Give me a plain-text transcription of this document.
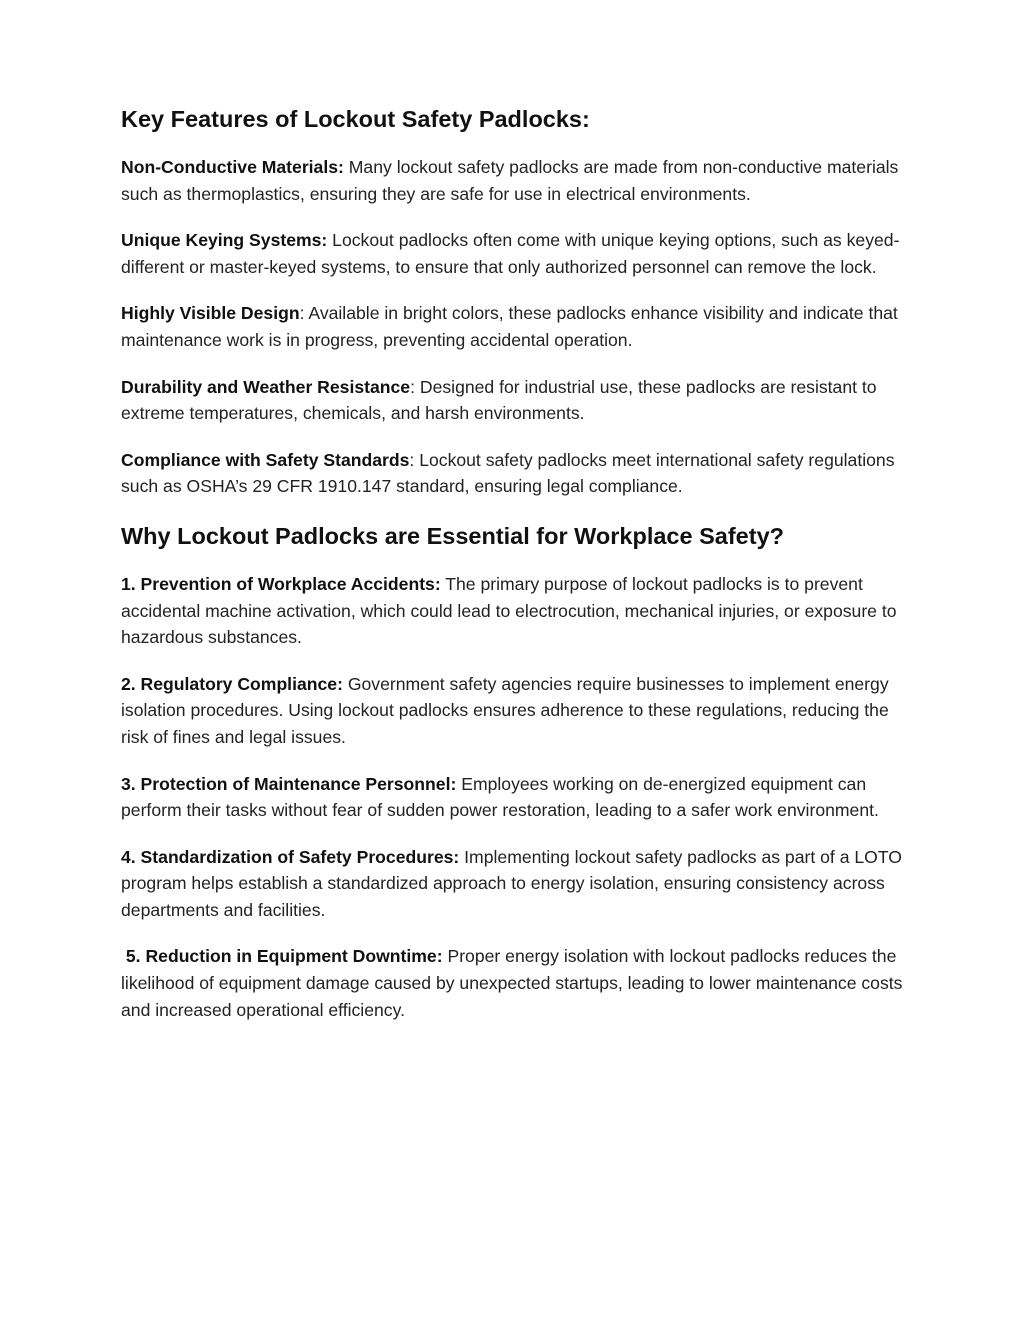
Key Features of Lockout Safety Padlocks:

Non-Conductive Materials: Many lockout safety padlocks are made from non-conductive materials such as thermoplastics, ensuring they are safe for use in electrical environments.

Unique Keying Systems: Lockout padlocks often come with unique keying options, such as keyed-different or master-keyed systems, to ensure that only authorized personnel can remove the lock.

Highly Visible Design: Available in bright colors, these padlocks enhance visibility and indicate that maintenance work is in progress, preventing accidental operation.

Durability and Weather Resistance: Designed for industrial use, these padlocks are resistant to extreme temperatures, chemicals, and harsh environments.

Compliance with Safety Standards: Lockout safety padlocks meet international safety regulations such as OSHA’s 29 CFR 1910.147 standard, ensuring legal compliance.

Why Lockout Padlocks are Essential for Workplace Safety?

1. Prevention of Workplace Accidents: The primary purpose of lockout padlocks is to prevent accidental machine activation, which could lead to electrocution, mechanical injuries, or exposure to hazardous substances.

2. Regulatory Compliance: Government safety agencies require businesses to implement energy isolation procedures. Using lockout padlocks ensures adherence to these regulations, reducing the risk of fines and legal issues.

3. Protection of Maintenance Personnel: Employees working on de-energized equipment can perform their tasks without fear of sudden power restoration, leading to a safer work environment.

4. Standardization of Safety Procedures: Implementing lockout safety padlocks as part of a LOTO program helps establish a standardized approach to energy isolation, ensuring consistency across departments and facilities.

5. Reduction in Equipment Downtime: Proper energy isolation with lockout padlocks reduces the likelihood of equipment damage caused by unexpected startups, leading to lower maintenance costs and increased operational efficiency.
